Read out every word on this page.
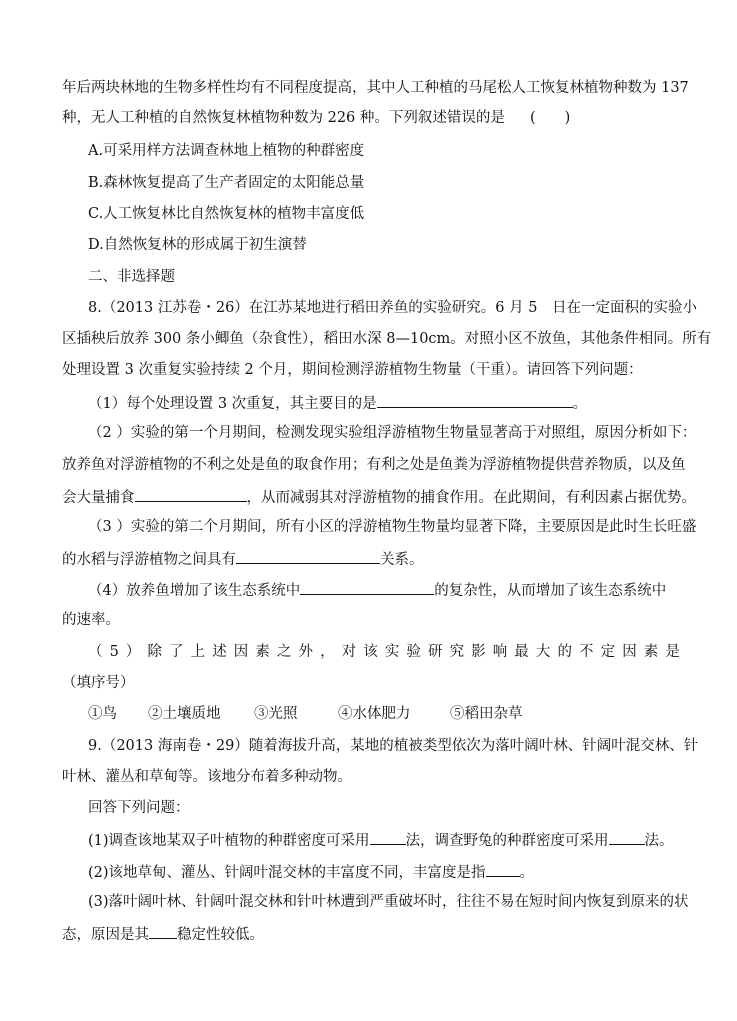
年后两块林地的生物多样性均有不同程度提高，其中人工种植的马尾松人工恢复林植物种数为 137
种，无人工种植的自然恢复林植物种数为 226 种。下列叙述错误的是 (　　)
A.可采用样方法调查林地上植物的种群密度
B.森林恢复提高了生产者固定的太阳能总量
C.人工恢复林比自然恢复林的植物丰富度低
D.自然恢复林的形成属于初生演替
二、非选择题
8.（2013 江苏卷・26）在江苏某地进行稻田养鱼的实验研究。6 月 5　日在一定面积的实验小
区插秧后放养 300 条小鲫鱼（杂食性），稻田水深 8—10cm。对照小区不放鱼，其他条件相同。所有
处理设置 3 次重复实验持续 2 个月，期间检测浮游植物生物量（干重）。请回答下列问题：
（1）每个处理设置 3 次重复，其主要目的是	。
（2 ）实验的第一个月期间，检测发现实验组浮游植物生物量显著高于对照组，原因分析如下：
放养鱼对浮游植物的不利之处是鱼的取食作用；有利之处是鱼粪为浮游植物提供营养物质，以及鱼
会大量捕食	，从而减弱其对浮游植物的捕食作用。在此期间，有利因素占据优势。
（3 ）实验的第二个月期间，所有小区的浮游植物生物量均显著下降，主要原因是此时生长旺盛
的水稻与浮游植物之间具有	关系。
（4）放养鱼增加了该生态系统中	的复杂性，从而增加了该生态系统中
的速率。
（ 5 ） 除 了 上 述 因 素 之 外 ， 对 该 实 验 研 究 影 响 最 大 的 不 定 因 素 是
（填序号）
①鸟 ②土壤质地 ③光照	④水体肥力	⑤稻田杂草
9.（2013 海南卷・29）随着海拔升高，某地的植被类型依次为落叶阔叶林、针阔叶混交林、针
叶林、灌丛和草甸等。该地分布着多种动物。
回答下列问题：
(1)调查该地某双子叶植物的种群密度可采用 法，调查野兔的种群密度可采用 法。
(2)该地草甸、灌丛、针阔叶混交林的丰富度不同，丰富度是指 。
(3)落叶阔叶林、针阔叶混交林和针叶林遭到严重破坏时，往往不易在短时间内恢复到原来的状
态，原因是其 稳定性较低。
